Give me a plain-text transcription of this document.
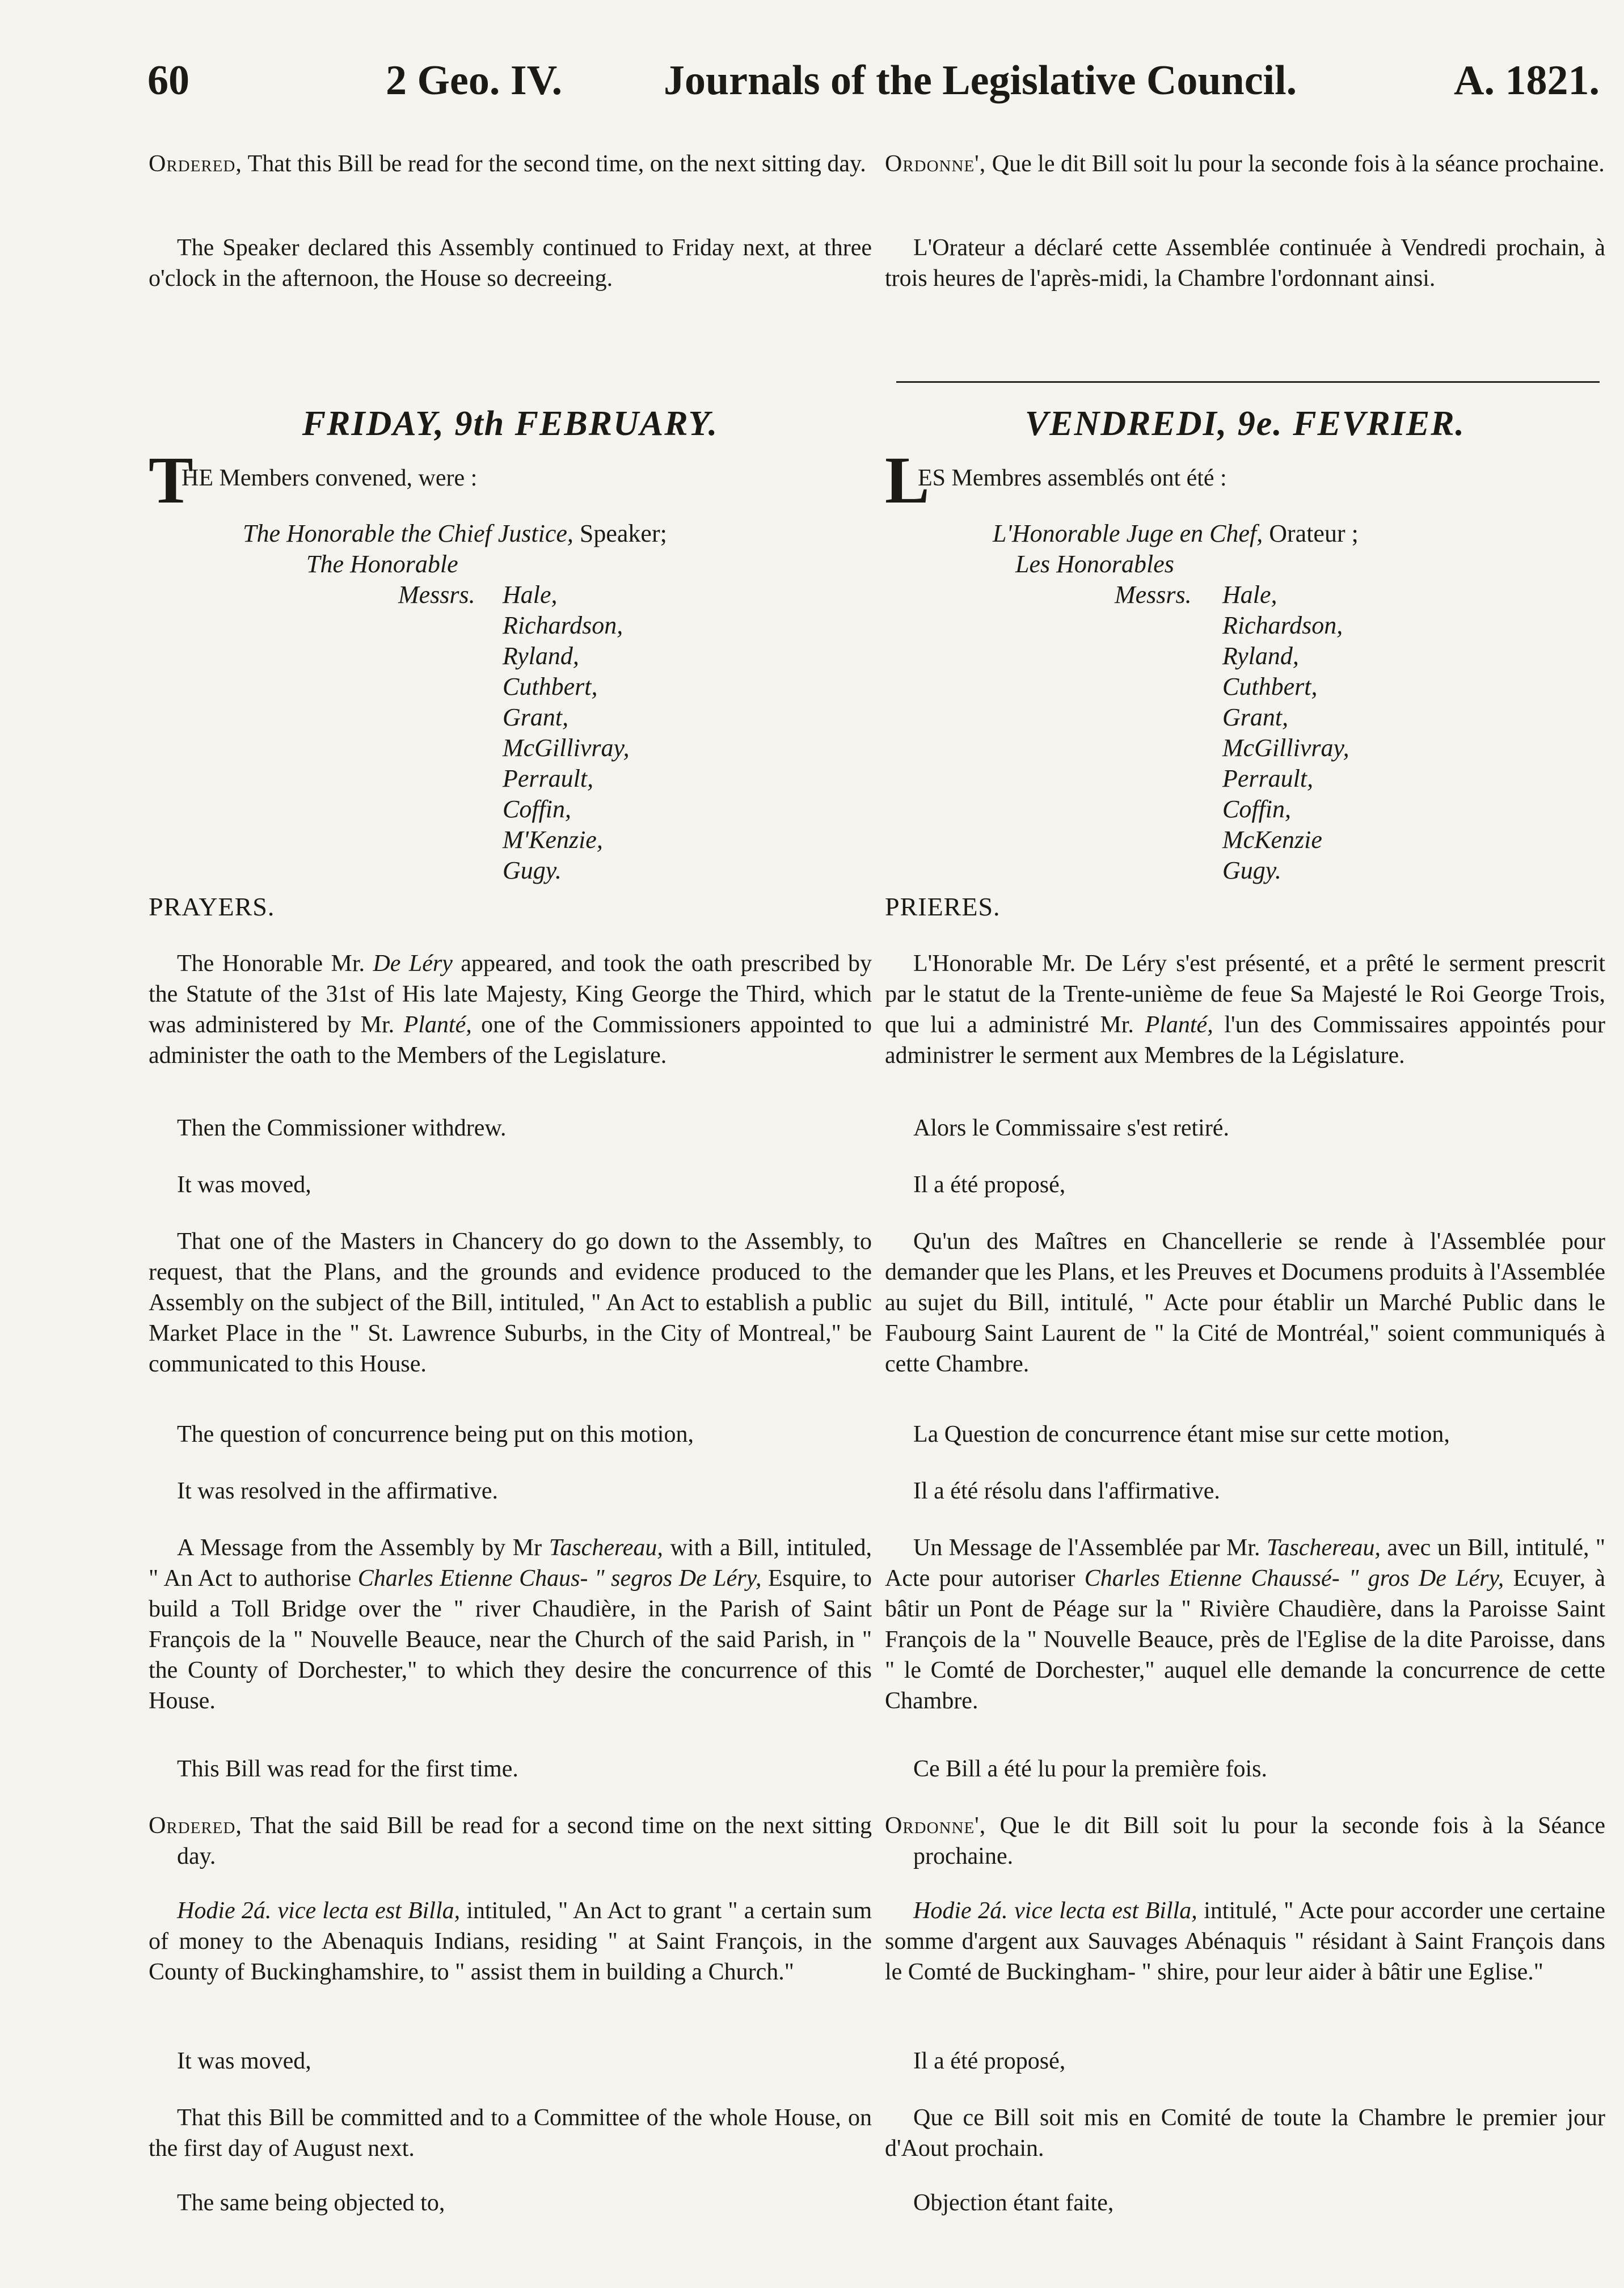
60	2 Geo. IV. Journals of the Legislative Council.	A. 1821.

Ordered, That this Bill be read for the second time, on the next sitting day.

The Speaker declared this Assembly continued to Friday next, at three o'clock in the afternoon, the House so decreeing.

FRIDAY, 9th FEBRUARY.
T
HE Members convened, were :
The Honorable the Chief Justice, Speaker;
The Honorable
Messrs. Hale,
Richardson,
Ryland,
Cuthbert,
Grant,
McGillivray,
Perrault,
Coffin,
M'Kenzie,
Gugy.
PRAYERS.

The Honorable Mr. De Léry appeared, and took the oath prescribed by the Statute of the 31st of His late Majesty, King George the Third, which was administered by Mr. Planté, one of the Commissioners appointed to administer the oath to the Members of the Legislature.

Then the Commissioner withdrew.

It was moved,

That one of the Masters in Chancery do go down to the Assembly, to request, that the Plans, and the grounds and evidence produced to the Assembly on the subject of the Bill, intituled, " An Act to establish a public Market Place in the " St. Lawrence Suburbs, in the City of Montreal," be communicated to this House.

The question of concurrence being put on this motion,

It was resolved in the affirmative.

A Message from the Assembly by Mr Taschereau, with a Bill, intituled, " An Act to authorise Charles Etienne Chaus- " segros De Léry, Esquire, to build a Toll Bridge over the " river Chaudière, in the Parish of Saint François de la " Nouvelle Beauce, near the Church of the said Parish, in " the County of Dorchester," to which they desire the concurrence of this House.

This Bill was read for the first time.

Ordered, That the said Bill be read for a second time on the next sitting day.

Hodie 2á. vice lecta est Billa, intituled, " An Act to grant " a certain sum of money to the Abenaquis Indians, residing " at Saint François, in the County of Buckinghamshire, to " assist them in building a Church."

It was moved,

That this Bill be committed and to a Committee of the whole House, on the first day of August next.

The same being objected to,

Ordonne', Que le dit Bill soit lu pour la seconde fois à la séance prochaine.

L'Orateur a déclaré cette Assemblée continuée à Vendredi prochain, à trois heures de l'après-midi, la Chambre l'ordonnant ainsi.

VENDREDI, 9e. FEVRIER.
L
ES Membres assemblés ont été :
L'Honorable Juge en Chef, Orateur ;
Les Honorables
Messrs. Hale,
Richardson,
Ryland,
Cuthbert,
Grant,
McGillivray,
Perrault,
Coffin,
McKenzie
Gugy.
PRIERES.

L'Honorable Mr. De Léry s'est présenté, et a prêté le serment prescrit par le statut de la Trente-unième de feue Sa Majesté le Roi George Trois, que lui a administré Mr. Planté, l'un des Commissaires appointés pour administrer le serment aux Membres de la Législature.

Alors le Commissaire s'est retiré.

Il a été proposé,

Qu'un des Maîtres en Chancellerie se rende à l'Assemblée pour demander que les Plans, et les Preuves et Documens produits à l'Assemblée au sujet du Bill, intitulé, " Acte pour établir un Marché Public dans le Faubourg Saint Laurent de " la Cité de Montréal," soient communiqués à cette Chambre.

La Question de concurrence étant mise sur cette motion,

Il a été résolu dans l'affirmative.

Un Message de l'Assemblée par Mr. Taschereau, avec un Bill, intitulé, " Acte pour autoriser Charles Etienne Chaussé- " gros De Léry, Ecuyer, à bâtir un Pont de Péage sur la " Rivière Chaudière, dans la Paroisse Saint François de la " Nouvelle Beauce, près de l'Eglise de la dite Paroisse, dans " le Comté de Dorchester," auquel elle demande la concurrence de cette Chambre.

Ce Bill a été lu pour la première fois.

Ordonne', Que le dit Bill soit lu pour la seconde fois à la Séance prochaine.

Hodie 2á. vice lecta est Billa, intitulé, " Acte pour accorder une certaine somme d'argent aux Sauvages Abénaquis " résidant à Saint François dans le Comté de Buckingham- " shire, pour leur aider à bâtir une Eglise."

Il a été proposé,

Que ce Bill soit mis en Comité de toute la Chambre le premier jour d'Aout prochain.

Objection étant faite,
